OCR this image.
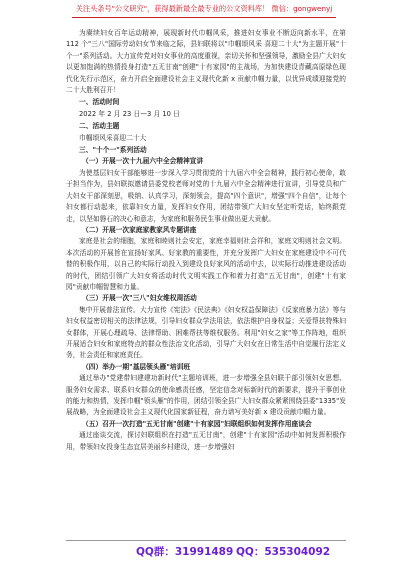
关注头条号"公文研究"，获得最新最全最专业的公文资料库！ 微信：gongwenyj

为赓续妇女百年运动精神，展现新时代巾帼风采，推进妇女事业不断迈向新水平，在第 112 个"三八"国际劳动妇女节来临之际，县妇联将以"巾帼颂风采 喜迎二十大"为主题开展"十个一"系列活动。大力宣传党对妇女事业的高度重视，亲切关怀和坚强领导，激励全县广大妇女以更加饱满的热情投身打造"五无甘南"创建"十有家园"的主战场，为加快建设青藏高原绿色现代化先行示范区，奋力开启全面建设社会主义现代化新 x 贡献巾帼力量，以优异成绩迎接党的二十大胜利召开！

一、活动时间

2022 年 2 月 23 日—3 月 10 日

二、活动主题

巾帼颂风采喜迎二十大

三、"十个一"系列活动

（一）开展一次十九届六中全会精神宣讲

为使基层妇女干部能够进一步深入学习贯彻党的十九届六中全会精神，践行初心使命，敢于担当作为，县妇联拟邀请县委党校老师对党的十九届六中全会精神进行宣讲，引导党员和广大妇女干部深刻思，吸纳、认真学习，深刻领会，提高"四个意识"，增强"四个自信"，让每个妇女都行动起来，依靠妇女力量，发挥妇女作用，团结带领广大妇女坚定听党话，始终跟党走，以坚如磐石的决心和意志，为家庭和服务民生事业做出更大贡献。

（二）开展一次家庭家教家风专题讲座

家庭是社会的细胞，家庭和睦则社会安定，家庭幸福则社会祥和，家庭文明则社会文明。本次活动的开展旨在宣扬好家风、好家教的重要性，并充分发挥广大妇女在家庭建设中不可代替的积极作用，以自己的实际行动投入到建设良好家风的活动中去，以实际行动推进建设活动的时代，团结引领广大妇女将活动时代文明实践工作和着力打造"五无甘南"，创建"十有家园"贡献巾帼智慧和力量。

（三）开展一次"三八"妇女维权周活动

集中开展普法宣传。大力宣传《宪法》《民法典》《妇女权益保障法》《反家庭暴力法》等与妇女权益密切相关的法律法规，引导妇女群众学法用法，依法维护自身权益；关爱帮扶特殊妇女群体，开展心理疏导、法律帮助、困难帮扶等维权服务。利用"妇女之家"等工作阵地，组织开展适合妇女和家庭特点的群众性法治文化活动，引导广大妇女在日常生活中自觉履行法定义务，社会责任和家庭责任。

（四）举办一期"基层领头雁"培训班

通过举办"党建带妇建建功新时代"主题培训班，进一步增强全县妇联干部引领妇女思想、服务妇女需求、联系妇女群众的使命感责任感，坚定信念对标新时代的新要求，提升干事创业的能力和热情，发挥巾帼"领头雁"的作用，团结引领全县广大妇女群众紧紧围绕县委"1335"发展战略，为全面建设社会主义现代化国家新征程，奋力谱写美好新 x 建设贡献巾帼力量。

（五）召开一次打造"五无甘南"创建"十有家园"妇联组织如何发挥作用座谈会

通过座谈交流，探讨妇联组织在打造"五无甘南"，创建"十有家园"活动中如何发挥积极作用，带领妇女投身生态宜居美丽乡村建设，进一步增强妇

QQ群：31991489 QQ：535304092
